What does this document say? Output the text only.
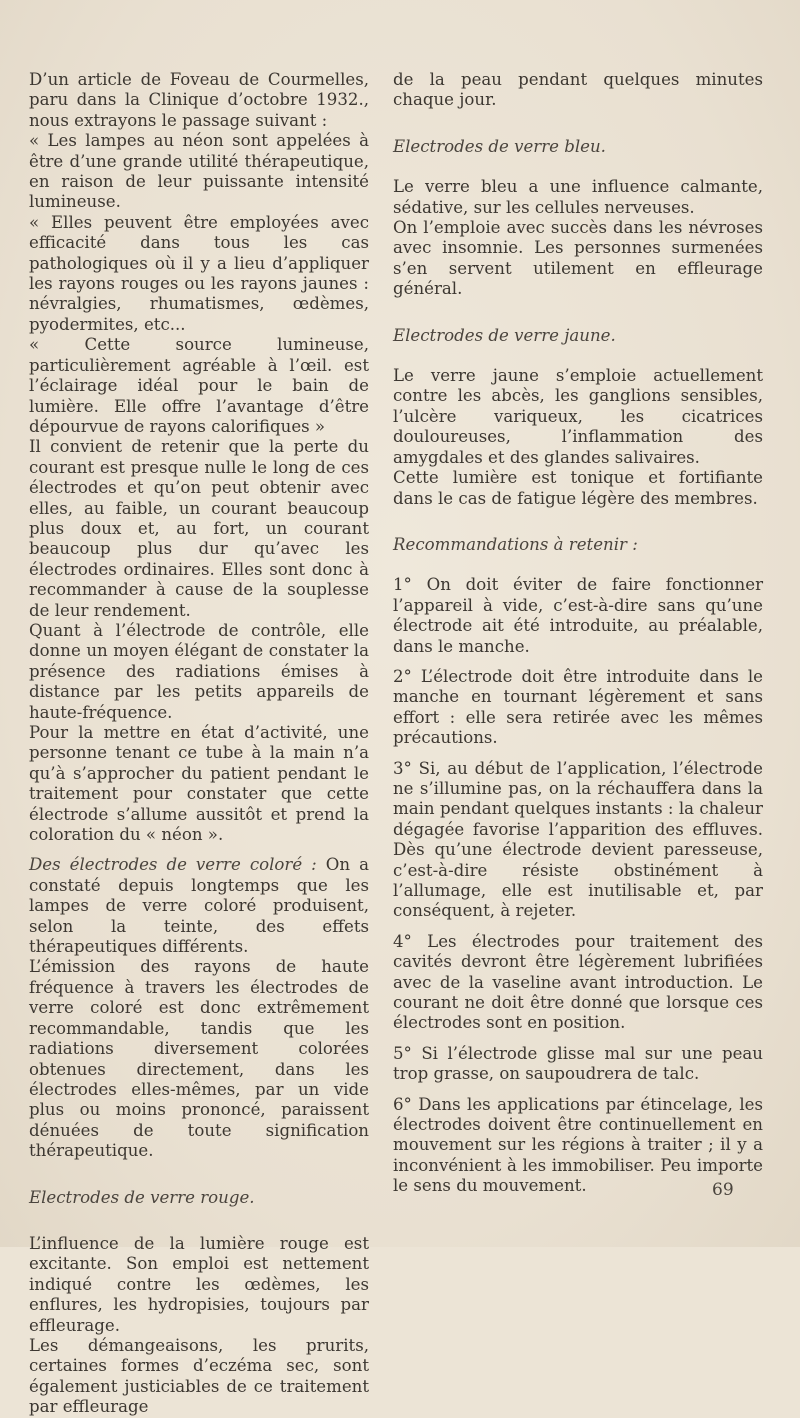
D’un article de Foveau de Courmelles, paru dans la Clinique d’octobre 1932., nous extrayons le passage suivant :

« Les lampes au néon sont appelées à être d’une grande utilité thérapeutique, en raison de leur puissante intensité lumineuse.

« Elles peuvent être employées avec efficacité dans tous les cas pathologiques où il y a lieu d’appliquer les rayons rouges ou les rayons jaunes : névralgies, rhumatismes, œdèmes, pyodermites, etc...

« Cette source lumineuse, particulièrement agréable à l’œil. est l’éclairage idéal pour le bain de lumière. Elle offre l’avantage d’être dépourvue de rayons calorifiques »

Il convient de retenir que la perte du courant est presque nulle le long de ces électrodes et qu’on peut obtenir avec elles, au faible, un courant beaucoup plus doux et, au fort, un courant beaucoup plus dur qu’avec les électrodes ordinaires. Elles sont donc à recommander à cause de la souplesse de leur rendement.

Quant à l’électrode de contrôle, elle donne un moyen élégant de constater la présence des radiations émises à distance par les petits appareils de haute-fréquence.

Pour la mettre en état d’activité, une personne tenant ce tube à la main n’a qu’à s’approcher du patient pendant le traitement pour constater que cette électrode s’allume aussitôt et prend la coloration du « néon ».

Des électrodes de verre coloré : On a constaté depuis longtemps que les lampes de verre coloré produisent, selon la teinte, des effets thérapeutiques différents.

L’émission des rayons de haute fréquence à travers les électrodes de verre coloré est donc extrêmement recommandable, tandis que les radiations diversement colorées obtenues directement, dans les électrodes elles-mêmes, par un vide plus ou moins prononcé, paraissent dénuées de toute signification thérapeutique.

Electrodes de verre rouge.

L’influence de la lumière rouge est excitante. Son emploi est nettement indiqué contre les œdèmes, les enflures, les hydropisies, toujours par effleurage.

Les démangeaisons, les prurits, certaines formes d’eczéma sec, sont également justiciables de ce traitement par effleurage

de la peau pendant quelques minutes chaque jour.

Electrodes de verre bleu.

Le verre bleu a une influence calmante, sédative, sur les cellules nerveuses.

On l’emploie avec succès dans les névroses avec insomnie. Les personnes surmenées s’en servent utilement en effleurage général.

Electrodes de verre jaune.

Le verre jaune s’emploie actuellement contre les abcès, les ganglions sensibles, l’ulcère variqueux, les cicatrices douloureuses, l’inflammation des amygdales et des glandes salivaires.

Cette lumière est tonique et fortifiante dans le cas de fatigue légère des membres.

Recommandations à retenir :

1° On doit éviter de faire fonctionner l’appareil à vide, c’est-à-dire sans qu’une électrode ait été introduite, au préalable, dans le manche.

2° L’électrode doit être introduite dans le manche en tournant légèrement et sans effort : elle sera retirée avec les mêmes précautions.

3° Si, au début de l’application, l’électrode ne s’illumine pas, on la réchauffera dans la main pendant quelques instants : la chaleur dégagée favorise l’apparition des effluves. Dès qu’une électrode devient paresseuse, c’est-à-dire résiste obstinément à l’allumage, elle est inutilisable et, par conséquent, à rejeter.

4° Les électrodes pour traitement des cavités devront être légèrement lubrifiées avec de la vaseline avant introduction. Le courant ne doit être donné que lorsque ces électrodes sont en position.

5° Si l’électrode glisse mal sur une peau trop grasse, on saupoudrera de talc.

6° Dans les applications par étincelage, les électrodes doivent être continuellement en mouvement sur les régions à traiter ; il y a inconvénient à les immobiliser. Peu importe le sens du mouvement.	69
